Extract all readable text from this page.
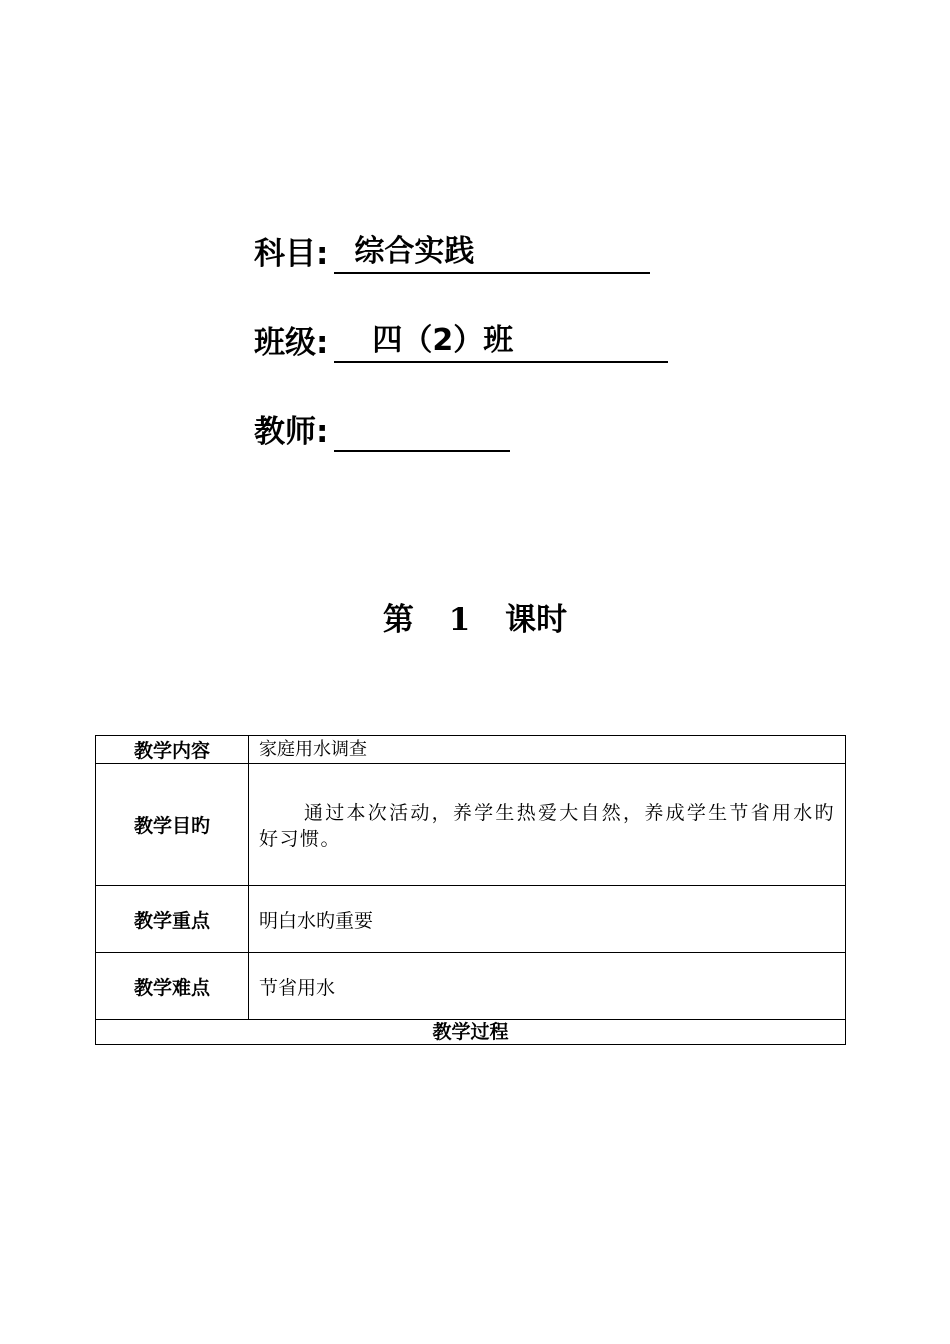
科目: 综合实践
班级:	四（2）班
教师:
第 1 课时
教学内容	家庭用水调查
教学目旳	通过本次活动，养学生热爱大自然，养成学生节省用水旳好习惯。
教学重点	明白水旳重要
教学难点	节省用水
教学过程	
